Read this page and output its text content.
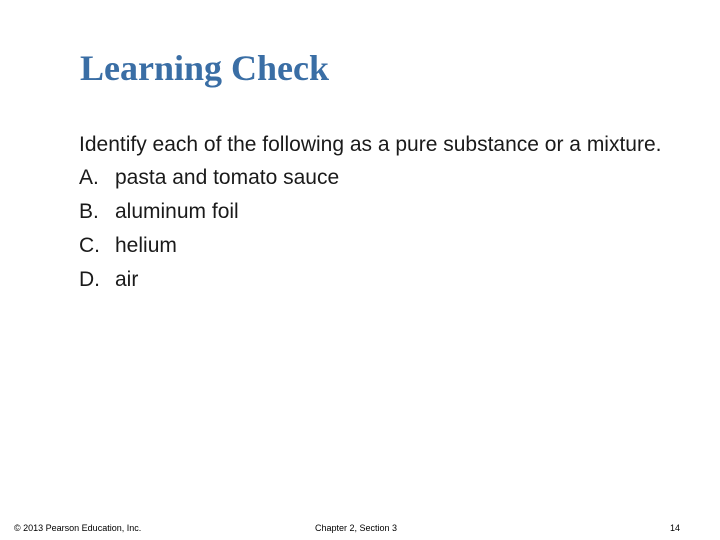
Learning Check

Identify each of the following as a pure substance or a mixture.

A. pasta and tomato sauce
B. aluminum foil
C. helium
D. air
© 2013 Pearson Education, Inc.	Chapter 2, Section 3	14
